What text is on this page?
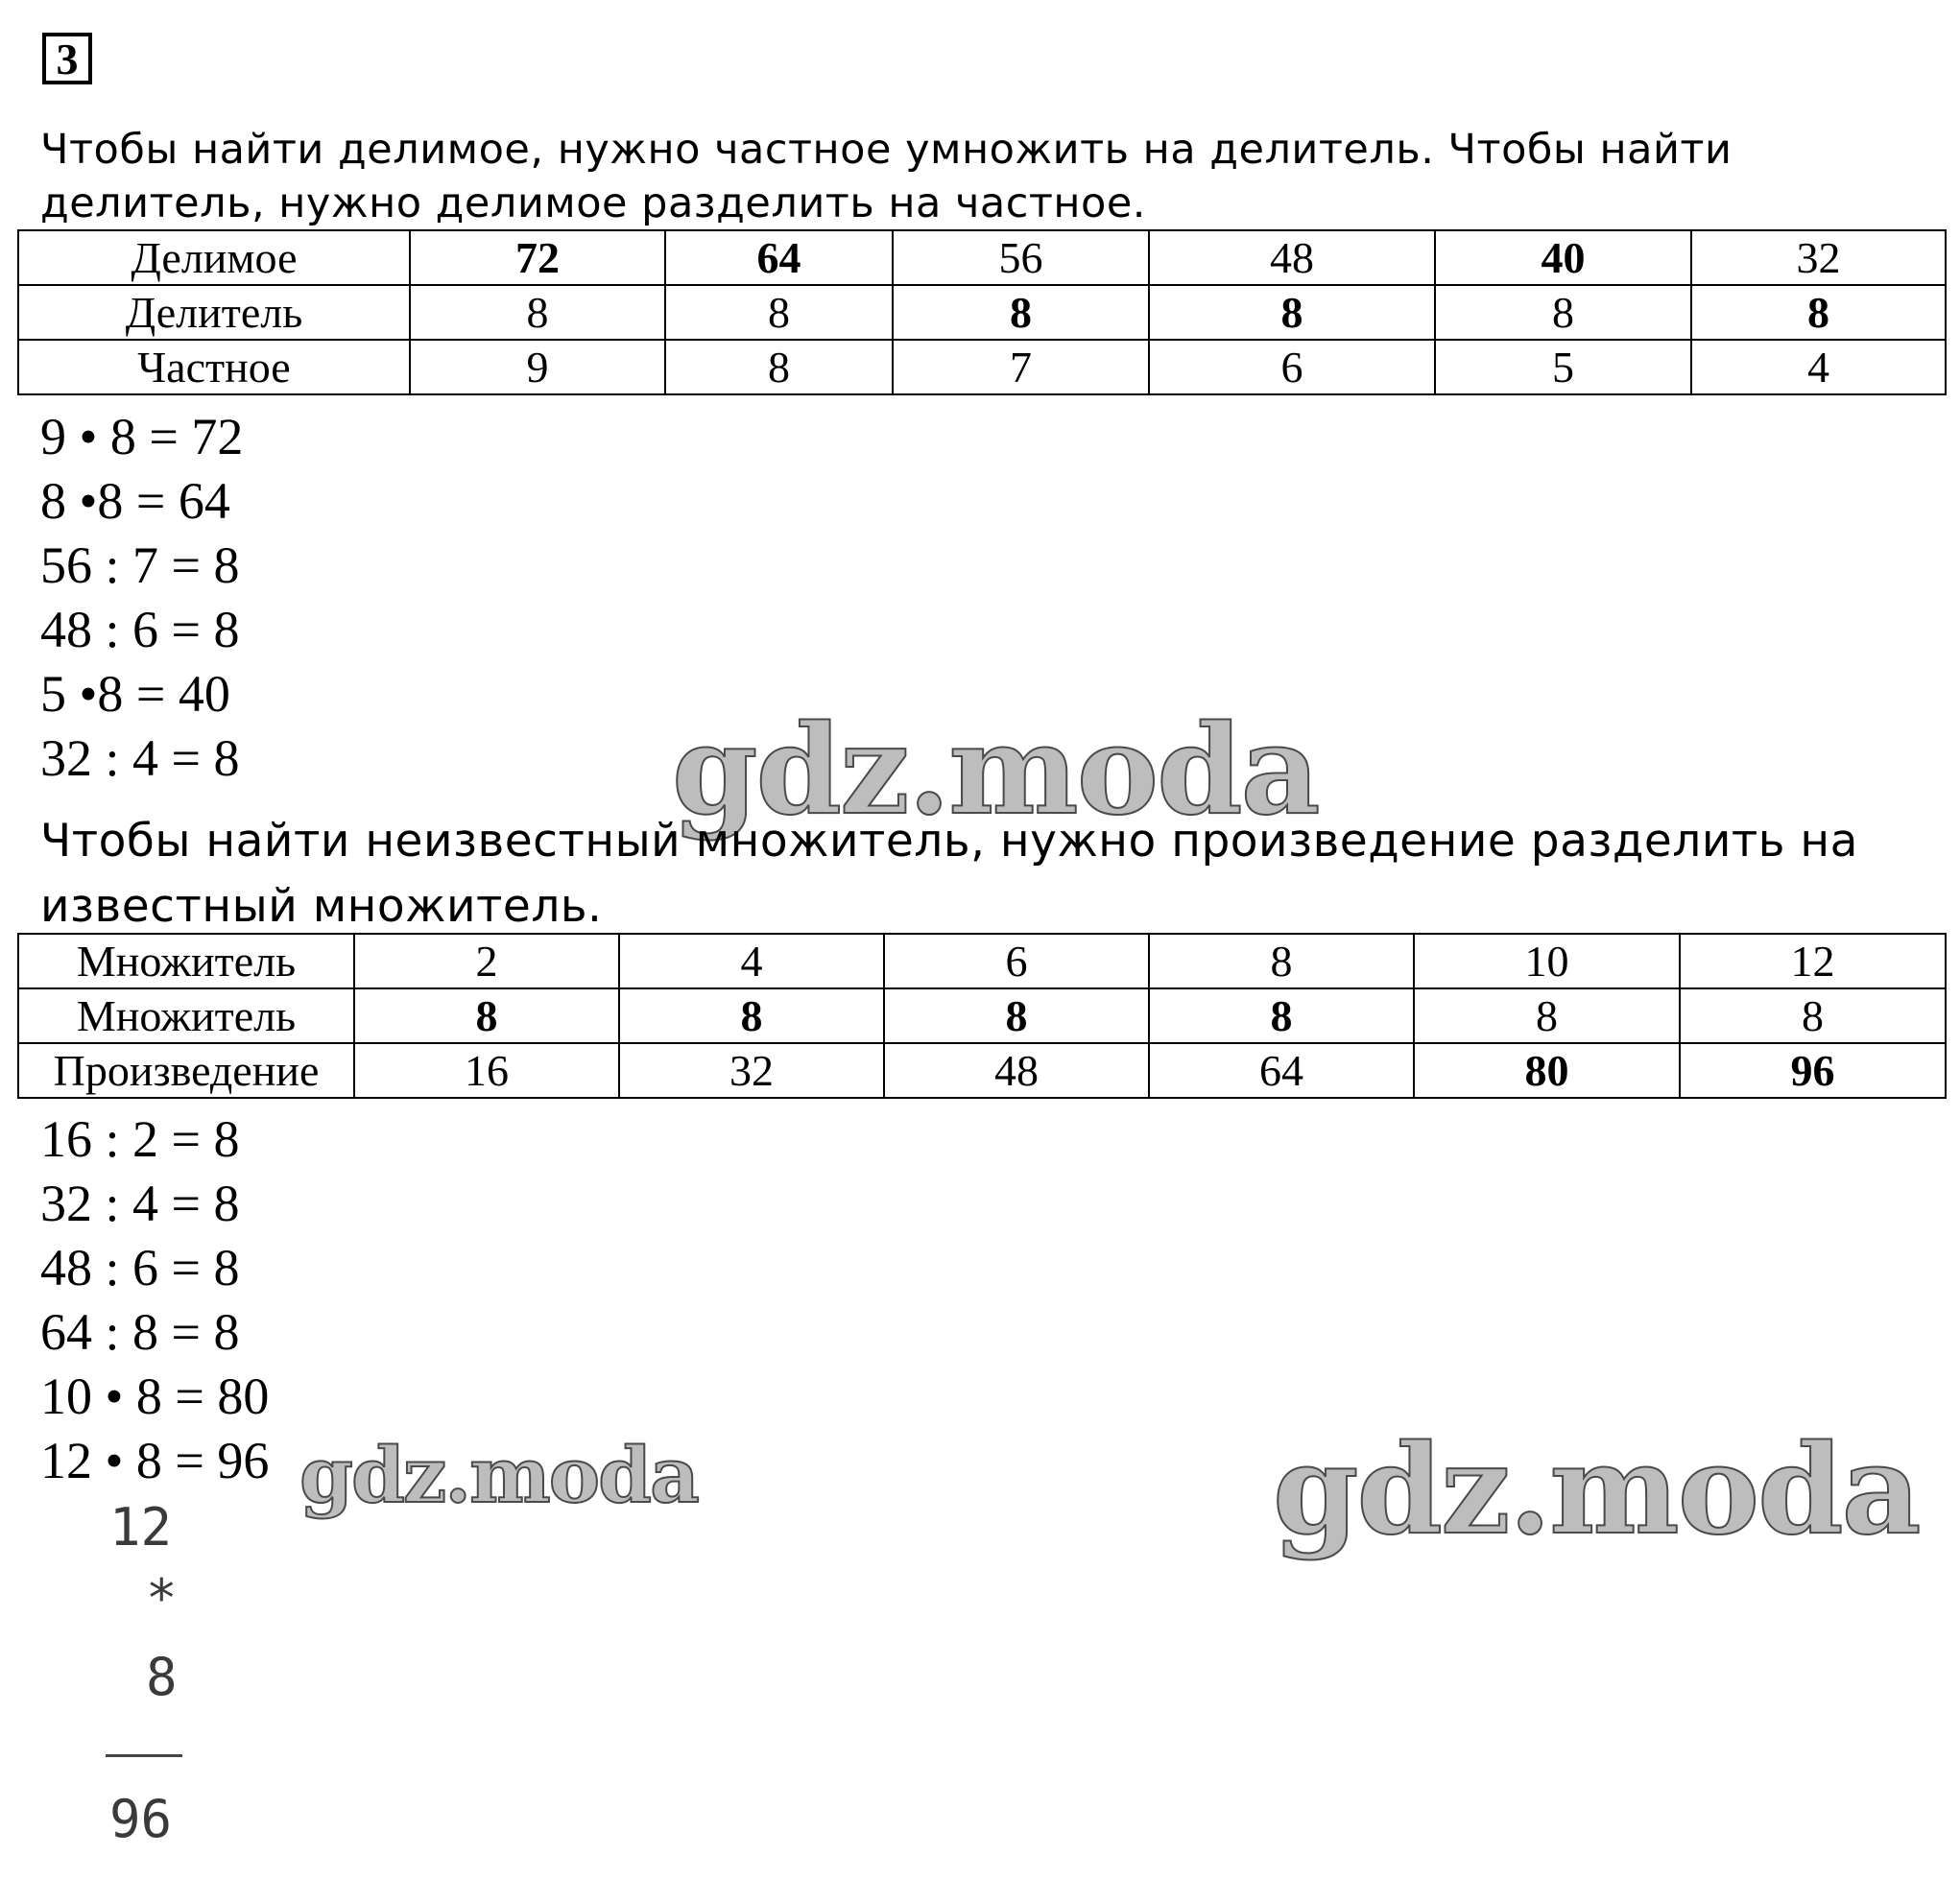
3
Чтобы найти делимое, нужно частное умножить на делитель. Чтобы найти делитель, нужно делимое разделить на частное.
Делимое	72	64	56	48	40	32
Делитель	8	8	8	8	8	8
Частное	9	8	7	6	5	4
9 • 8 = 72
8 •8 = 64
56 : 7 = 8
48 : 6 = 8
5 •8 = 40
32 : 4 = 8	gdz.moda
Чтобы найти неизвестный множитель, нужно произведение разделить на известный множитель.
Множитель	2	4	6	8	10	12
Множитель	8	8	8	8	8	8
Произведение	16	32	48	64	80	96
16 : 2 = 8
32 : 4 = 8
48 : 6 = 8
64 : 8 = 8
10 • 8 = 80
12 • 8 = 96 gdz.moda	gdz.moda
12
*
8
96
